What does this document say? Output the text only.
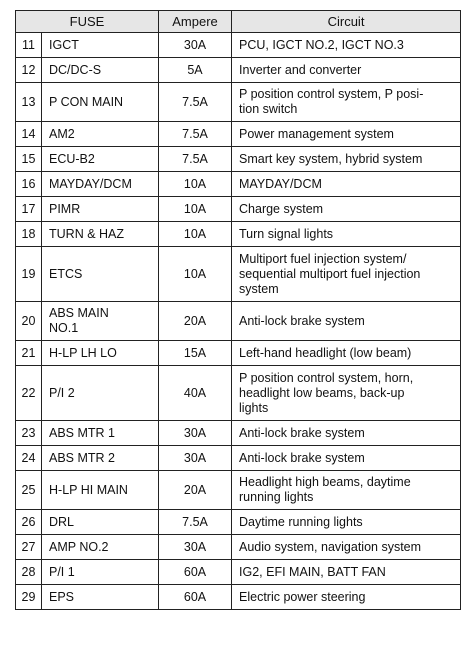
FUSE		Ampere	Circuit
11	IGCT	30A	PCU, IGCT NO.2, IGCT NO.3
12	DC/DC-S	5A	Inverter and converter
13	P CON MAIN	7.5A	P position control system, P posi-
tion switch
14	AM2	7.5A	Power management system
15	ECU-B2	7.5A	Smart key system, hybrid system
16	MAYDAY/DCM	10A	MAYDAY/DCM
17	PIMR	10A	Charge system
18	TURN & HAZ	10A	Turn signal lights
19	ETCS	10A	Multiport fuel injection system/
sequential multiport fuel injection
system
20	ABS MAIN
NO.1	20A	Anti-lock brake system
21	H-LP LH LO	15A	Left-hand headlight (low beam)
22	P/I 2	40A	P position control system, horn,
headlight low beams, back-up
lights
23	ABS MTR 1	30A	Anti-lock brake system
24	ABS MTR 2	30A	Anti-lock brake system
25	H-LP HI MAIN	20A	Headlight high beams, daytime
running lights
26	DRL	7.5A	Daytime running lights
27	AMP NO.2	30A	Audio system, navigation system
28	P/I 1	60A	IG2, EFI MAIN, BATT FAN
29	EPS	60A	Electric power steering
